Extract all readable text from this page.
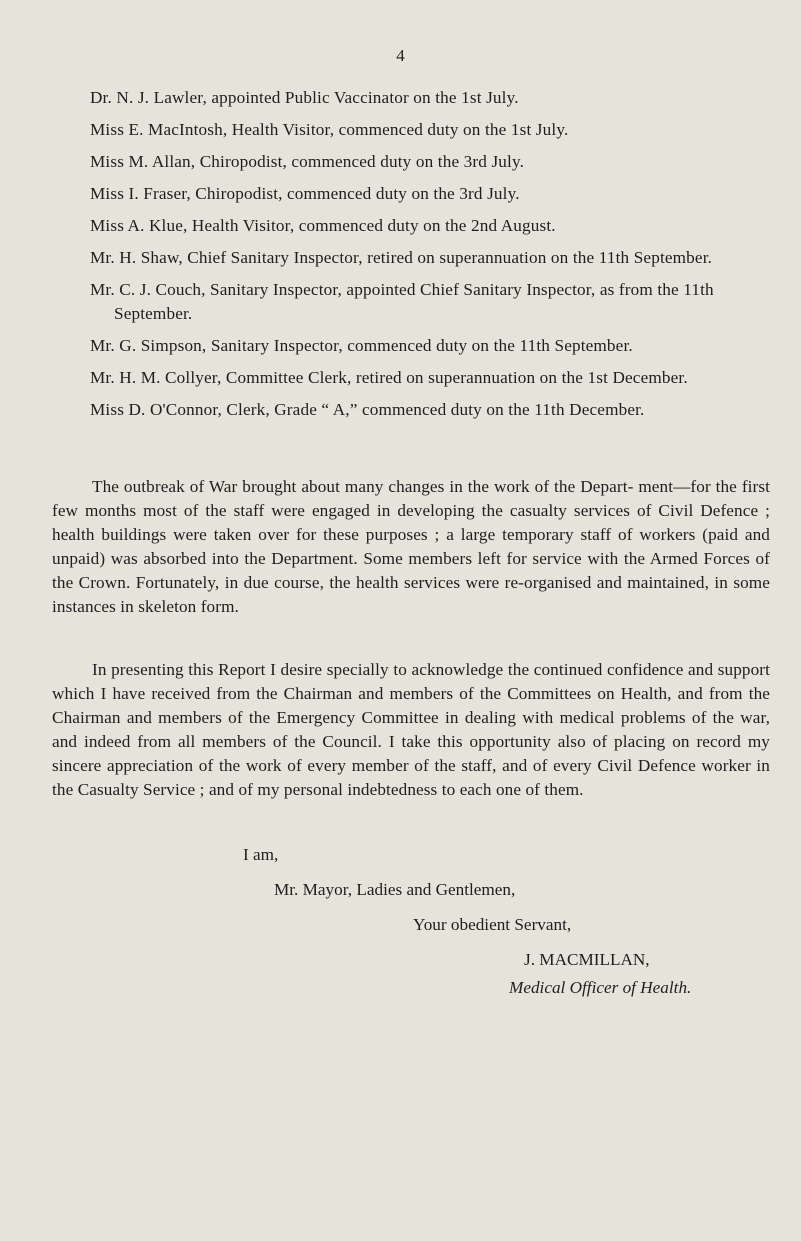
4
Dr. N. J. Lawler, appointed Public Vaccinator on the 1st July.
Miss E. MacIntosh, Health Visitor, commenced duty on the 1st July.
Miss M. Allan, Chiropodist, commenced duty on the 3rd July.
Miss I. Fraser, Chiropodist, commenced duty on the 3rd July.
Miss A. Klue, Health Visitor, commenced duty on the 2nd August.
Mr. H. Shaw, Chief Sanitary Inspector, retired on superannuation on the 11th September.
Mr. C. J. Couch, Sanitary Inspector, appointed Chief Sanitary Inspector, as from the 11th September.
Mr. G. Simpson, Sanitary Inspector, commenced duty on the 11th September.
Mr. H. M. Collyer, Committee Clerk, retired on superannuation on the 1st December.
Miss D. O'Connor, Clerk, Grade “ A,” commenced duty on the 11th December.

The outbreak of War brought about many changes in the work of the Depart- ment—for the first few months most of the staff were engaged in developing the casualty services of Civil Defence ; health buildings were taken over for these purposes ; a large temporary staff of workers (paid and unpaid) was absorbed into the Department. Some members left for service with the Armed Forces of the Crown. Fortunately, in due course, the health services were re-organised and maintained, in some instances in skeleton form.

In presenting this Report I desire specially to acknowledge the continued confidence and support which I have received from the Chairman and members of the Committees on Health, and from the Chairman and members of the Emergency Committee in dealing with medical problems of the war, and indeed from all members of the Council. I take this opportunity also of placing on record my sincere appreciation of the work of every member of the staff, and of every Civil Defence worker in the Casualty Service ; and of my personal indebtedness to each one of them.

I am,
Mr. Mayor, Ladies and Gentlemen,
Your obedient Servant,
J. MACMILLAN,
Medical Officer of Health.
